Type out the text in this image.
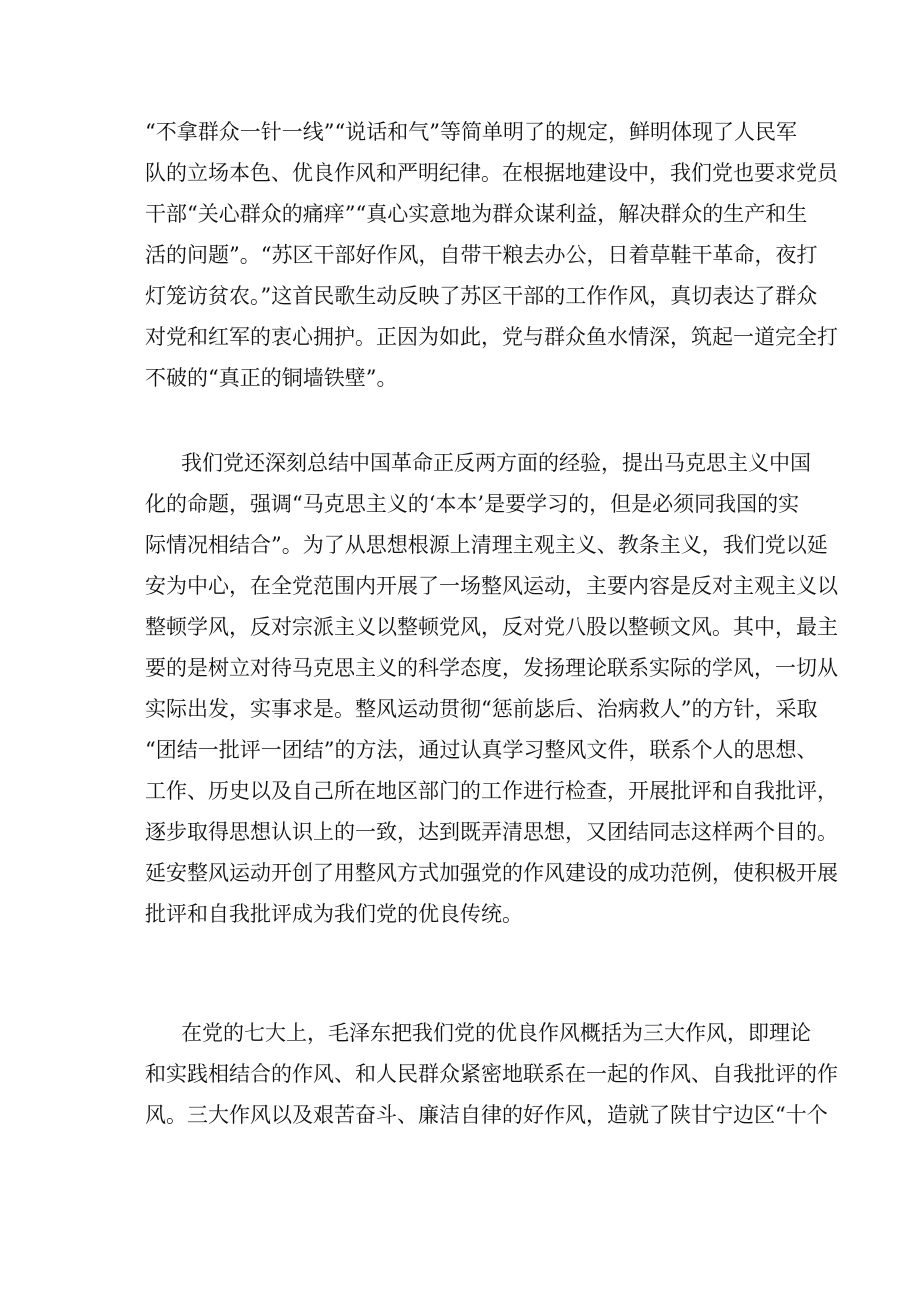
“不拿群众一针一线”“说话和气”等简单明了的规定，鲜明体现了人民军
队的立场本色、优良作风和严明纪律。在根据地建设中，我们党也要求党员
干部“关心群众的痛痒”“真心实意地为群众谋利益，解决群众的生产和生
活的问题”。“苏区干部好作风，自带干粮去办公，日着草鞋干革命，夜打
灯笼访贫农。”这首民歌生动反映了苏区干部的工作作风，真切表达了群众
对党和红军的衷心拥护。正因为如此，党与群众鱼水情深，筑起一道完全打
不破的“真正的铜墙铁壁”。
我们党还深刻总结中国革命正反两方面的经验，提出马克思主义中国
化的命题，强调“马克思主义的‘本本’是要学习的，但是必须同我国的实
际情况相结合”。为了从思想根源上清理主观主义、教条主义，我们党以延
安为中心，在全党范围内开展了一场整风运动，主要内容是反对主观主义以
整顿学风，反对宗派主义以整顿党风，反对党八股以整顿文风。其中，最主
要的是树立对待马克思主义的科学态度，发扬理论联系实际的学风，一切从
实际出发，实事求是。整风运动贯彻“惩前毖后、治病救人”的方针，采取
“团结一批评一团结”的方法，通过认真学习整风文件，联系个人的思想、
工作、历史以及自己所在地区部门的工作进行检查，开展批评和自我批评，
逐步取得思想认识上的一致，达到既弄清思想，又团结同志这样两个目的。
延安整风运动开创了用整风方式加强党的作风建设的成功范例，使积极开展
批评和自我批评成为我们党的优良传统。
在党的七大上，毛泽东把我们党的优良作风概括为三大作风，即理论
和实践相结合的作风、和人民群众紧密地联系在一起的作风、自我批评的作
风。三大作风以及艰苦奋斗、廉洁自律的好作风，造就了陕甘宁边区“十个
